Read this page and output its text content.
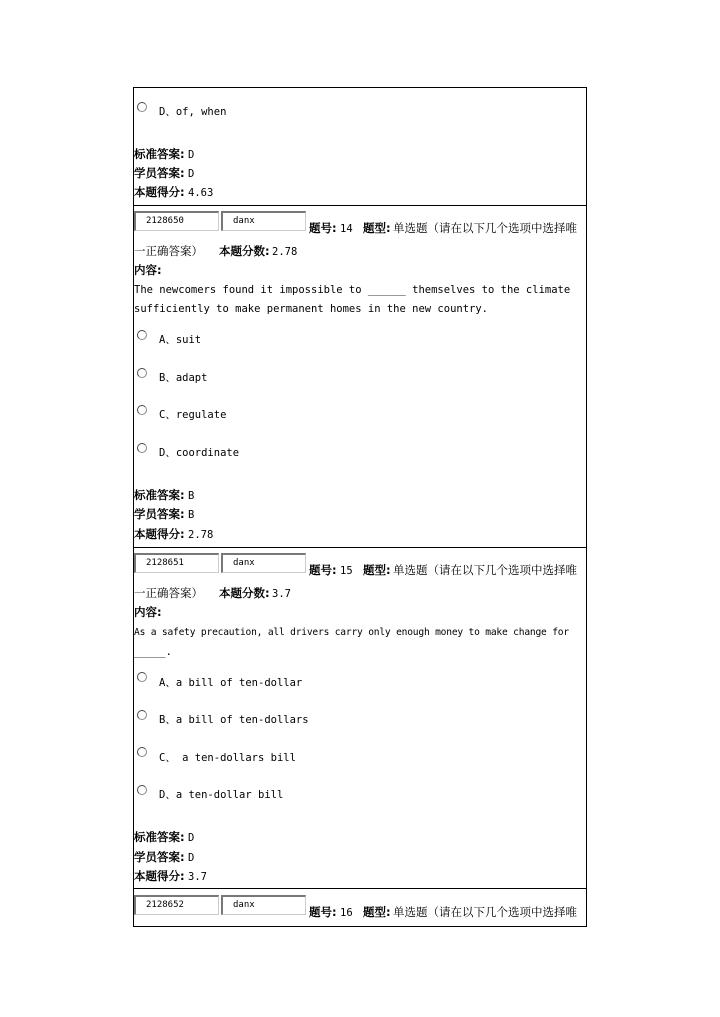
D、of, when
标准答案: D
学员答案: D
本题得分: 4.63
2128650	danx	题号: 14 题型: 单选题（请在以下几个选项中选择唯
一正确答案） 本题分数: 2.78
内容:
The newcomers found it impossible to ______ themselves to the climate
sufficiently to make permanent homes in the new country.
A、suit
B、adapt
C、regulate
D、coordinate
标准答案: B
学员答案: B
本题得分: 2.78
2128651	danx	题号: 15 题型: 单选题（请在以下几个选项中选择唯
一正确答案） 本题分数: 3.7
内容:
As a safety precaution, all drivers carry only enough money to make change for
_____.
A、a bill of ten-dollar
B、a bill of ten-dollars
C、 a ten-dollars bill
D、a ten-dollar bill
标准答案: D
学员答案: D
本题得分: 3.7
2128652	danx	题号: 16 题型: 单选题（请在以下几个选项中选择唯
